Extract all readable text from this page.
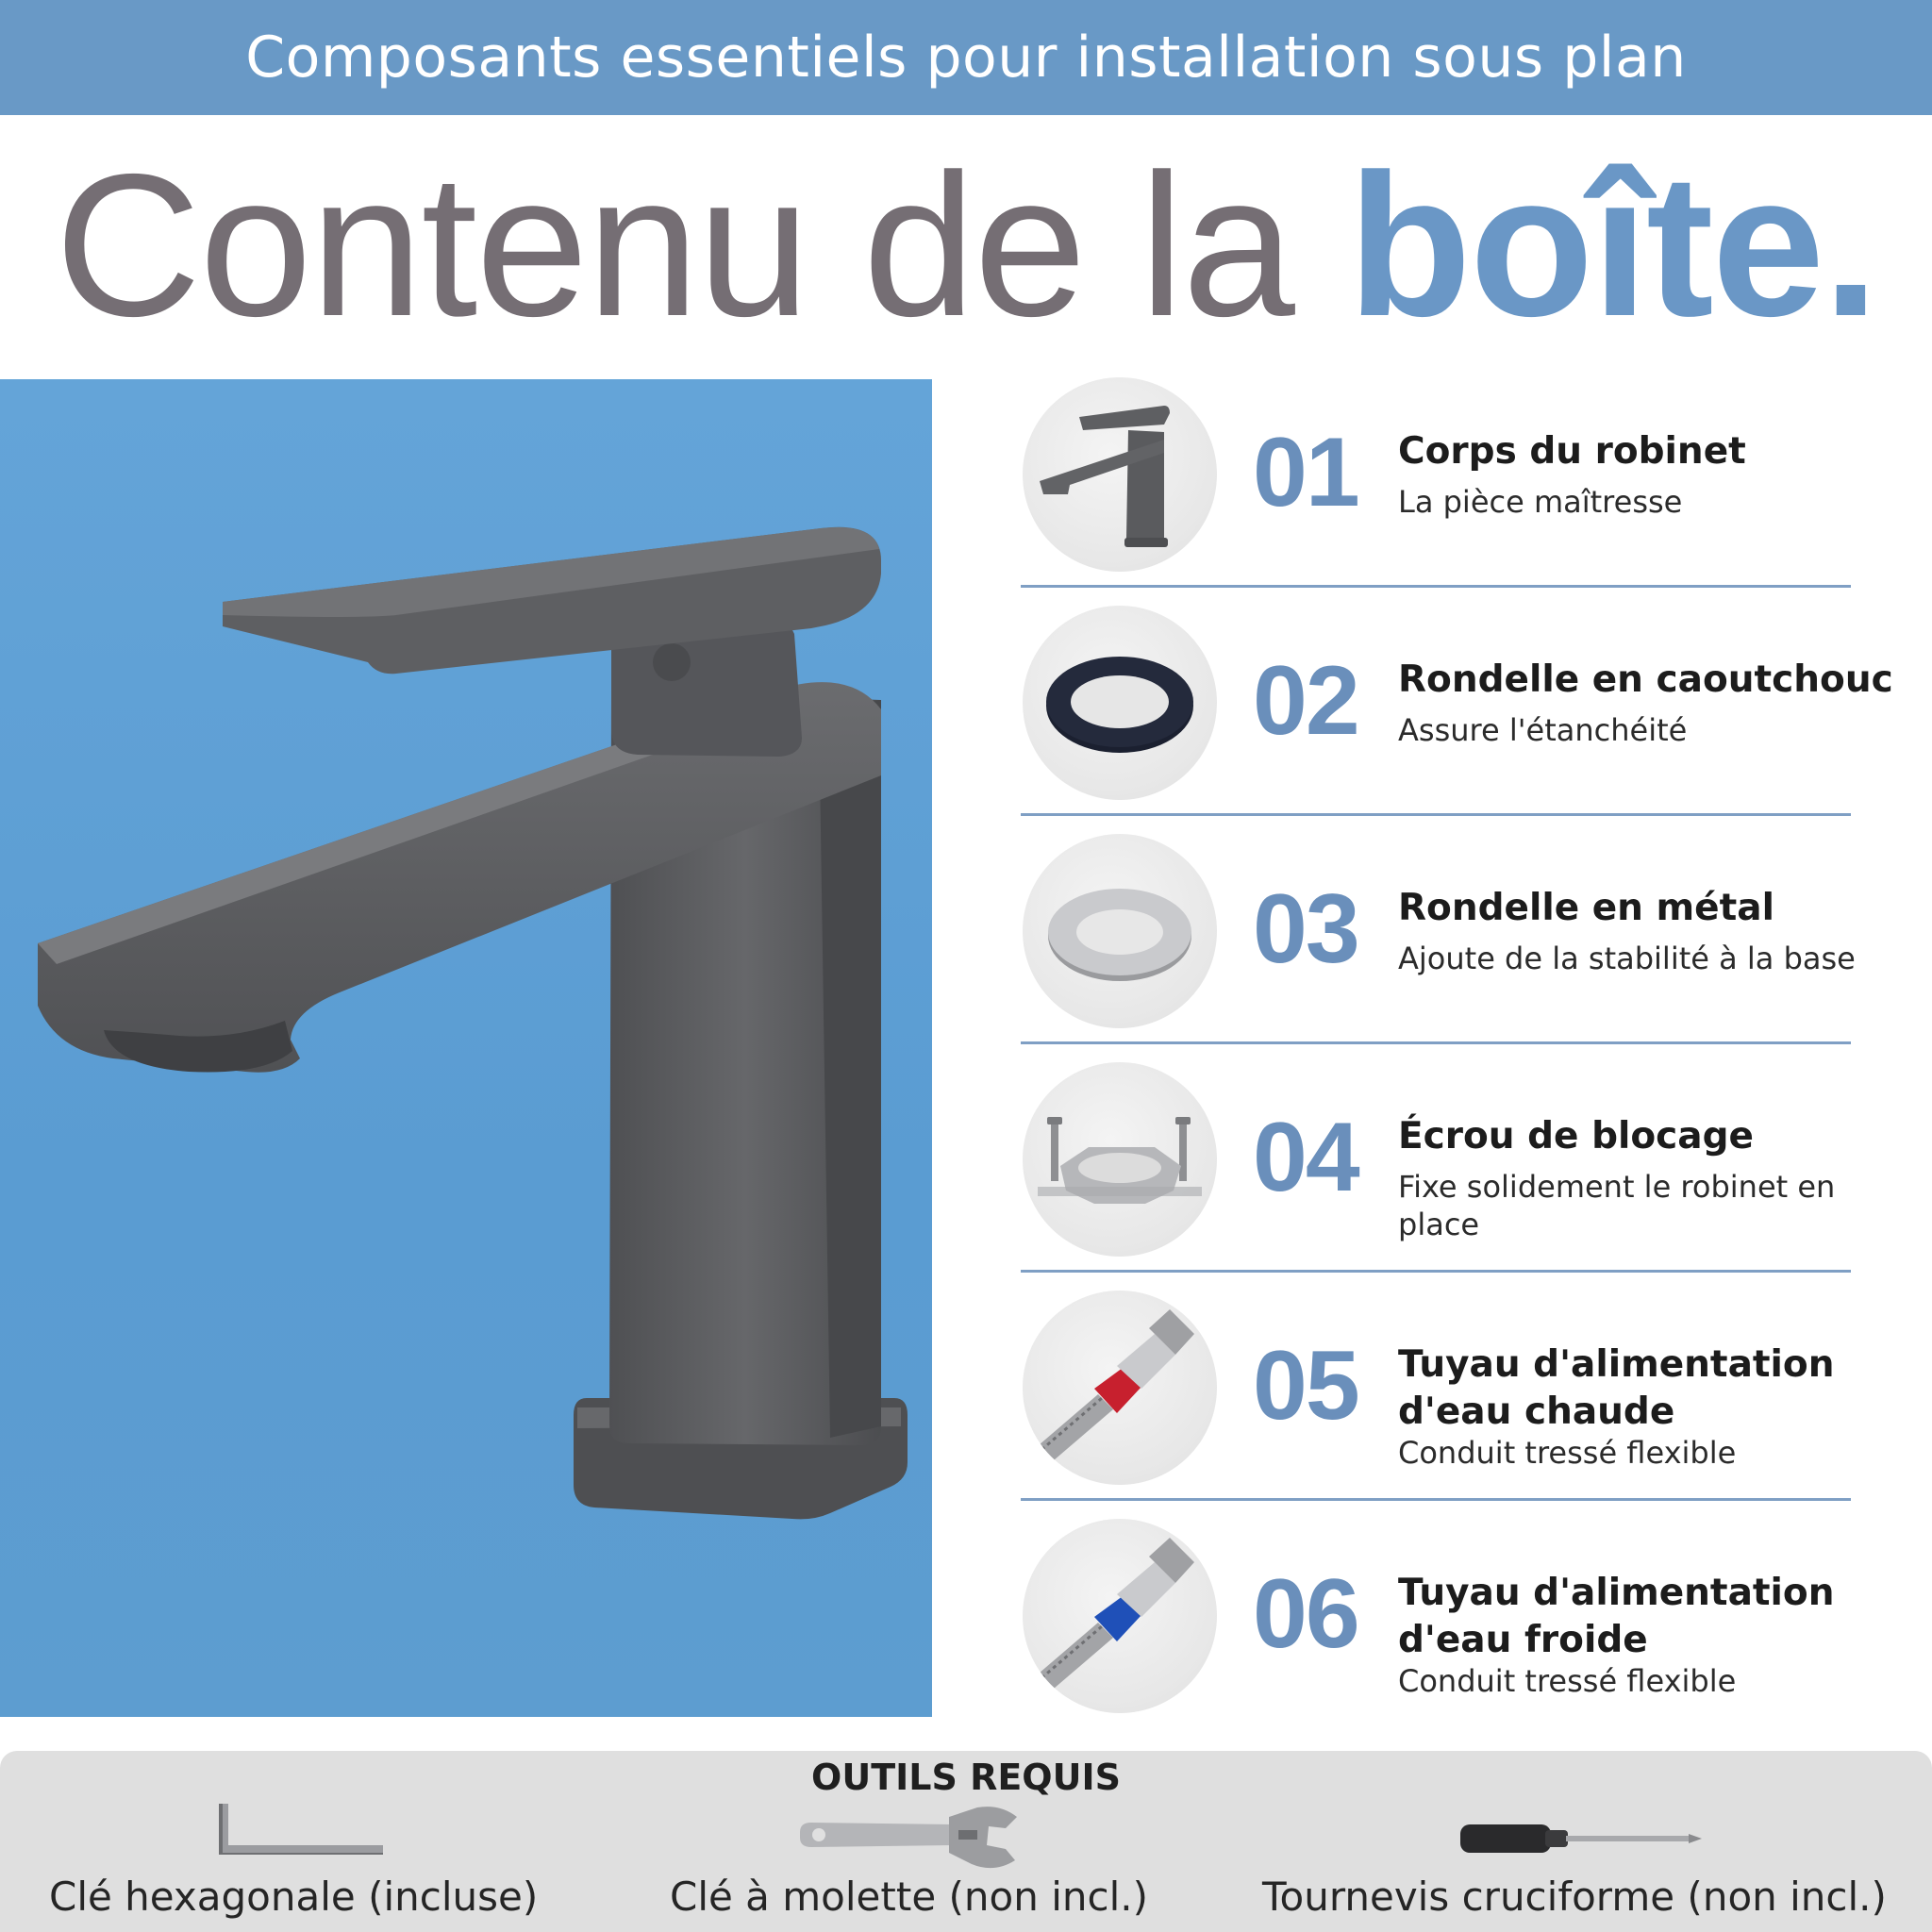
Composants essentiels pour installation sous plan
Contenu de la boîte.
01 Corps du robinet
La pièce maîtresse
02 Rondelle en caoutchouc
Assure l'étanchéité
03 Rondelle en métal
Ajoute de la stabilité à la base
04 Écrou de blocage
Fixe solidement le robinet en place
05 Tuyau d'alimentation d'eau chaude
Conduit tressé flexible
06 Tuyau d'alimentation d'eau froide
Conduit tressé flexible
OUTILS REQUIS
Clé hexagonale (incluse)	Clé à molette (non incl.)	Tournevis cruciforme (non incl.)
